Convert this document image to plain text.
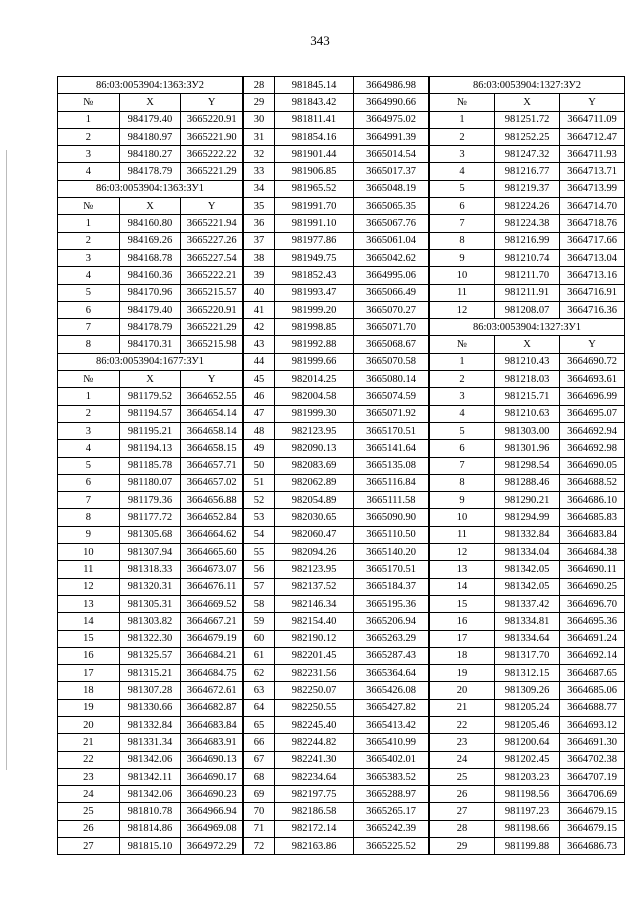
343
86:03:0053904:1363:ЗУ2		
№	X	Y
1	984179.40	3665220.91
2	984180.97	3665221.90
3	984180.27	3665222.22
4	984178.79	3665221.29
86:03:0053904:1363:ЗУ1		
№	X	Y
1	984160.80	3665221.94
2	984169.26	3665227.26
3	984168.78	3665227.54
4	984160.36	3665222.21
5	984170.96	3665215.57
6	984179.40	3665220.91
7	984178.79	3665221.29
8	984170.31	3665215.98
86:03:0053904:1677:ЗУ1		
№	X	Y
1	981179.52	3664652.55
2	981194.57	3664654.14
3	981195.21	3664658.14
4	981194.13	3664658.15
5	981185.78	3664657.71
6	981180.07	3664657.02
7	981179.36	3664656.88
8	981177.72	3664652.84
9	981305.68	3664664.62
10	981307.94	3664665.60
11	981318.33	3664673.07
12	981320.31	3664676.11
13	981305.31	3664669.52
14	981303.82	3664667.21
15	981322.30	3664679.19
16	981325.57	3664684.21
17	981315.21	3664684.75
18	981307.28	3664672.61
19	981330.66	3664682.87
20	981332.84	3664683.84
21	981331.34	3664683.91
22	981342.06	3664690.13
23	981342.11	3664690.17
24	981342.06	3664690.23
25	981810.78	3664966.94
26	981814.86	3664969.08
27	981815.10	3664972.29
28	981845.14	3664986.98
29	981843.42	3664990.66
30	981811.41	3664975.02
31	981854.16	3664991.39
32	981901.44	3665014.54
33	981906.85	3665017.37
34	981965.52	3665048.19
35	981991.70	3665065.35
36	981991.10	3665067.76
37	981977.86	3665061.04
38	981949.75	3665042.62
39	981852.43	3664995.06
40	981993.47	3665066.49
41	981999.20	3665070.27
42	981998.85	3665071.70
43	981992.88	3665068.67
44	981999.66	3665070.58
45	982014.25	3665080.14
46	982004.58	3665074.59
47	981999.30	3665071.92
48	982123.95	3665170.51
49	982090.13	3665141.64
50	982083.69	3665135.08
51	982062.89	3665116.84
52	982054.89	3665111.58
53	982030.65	3665090.90
54	982060.47	3665110.50
55	982094.26	3665140.20
56	982123.95	3665170.51
57	982137.52	3665184.37
58	982146.34	3665195.36
59	982154.40	3665206.94
60	982190.12	3665263.29
61	982201.45	3665287.43
62	982231.56	3665364.64
63	982250.07	3665426.08
64	982250.55	3665427.82
65	982245.40	3665413.42
66	982244.82	3665410.99
67	982241.30	3665402.01
68	982234.64	3665383.52
69	982197.75	3665288.97
70	982186.58	3665265.17
71	982172.14	3665242.39
72	982163.86	3665225.52
86:03:0053904:1327:ЗУ2		
№	X	Y
1	981251.72	3664711.09
2	981252.25	3664712.47
3	981247.32	3664711.93
4	981216.77	3664713.71
5	981219.37	3664713.99
6	981224.26	3664714.70
7	981224.38	3664718.76
8	981216.99	3664717.66
9	981210.74	3664713.04
10	981211.70	3664713.16
11	981211.91	3664716.91
12	981208.07	3664716.36
86:03:0053904:1327:ЗУ1		
№	X	Y
1	981210.43	3664690.72
2	981218.03	3664693.61
3	981215.71	3664696.99
4	981210.63	3664695.07
5	981303.00	3664692.94
6	981301.96	3664692.98
7	981298.54	3664690.05
8	981288.46	3664688.52
9	981290.21	3664686.10
10	981294.99	3664685.83
11	981332.84	3664683.84
12	981334.04	3664684.38
13	981342.05	3664690.11
14	981342.05	3664690.25
15	981337.42	3664696.70
16	981334.81	3664695.36
17	981334.64	3664691.24
18	981317.70	3664692.14
19	981312.15	3664687.65
20	981309.26	3664685.06
21	981205.24	3664688.77
22	981205.46	3664693.12
23	981200.64	3664691.30
24	981202.45	3664702.38
25	981203.23	3664707.19
26	981198.56	3664706.69
27	981197.23	3664679.15
28	981198.66	3664679.15
29	981199.88	3664686.73
